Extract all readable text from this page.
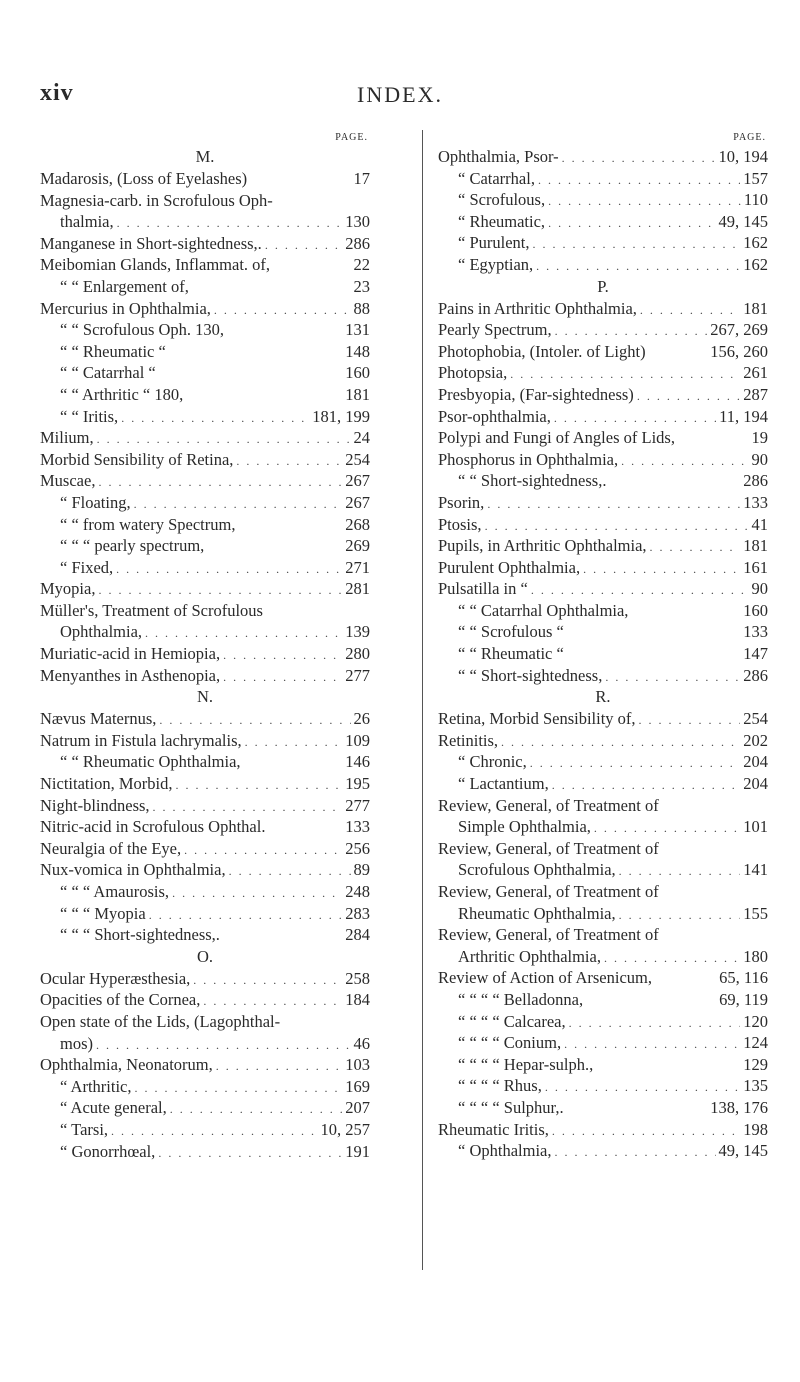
xiv	INDEX.
PAGE.
M.
Madarosis, (Loss of Eyelashes)	17
Magnesia-carb. in Scrofulous Oph-
thalmia, . . .	130
Manganese in Short-sightedness,. . . .	286
Meibomian Glands, Inflammat. of,	22
“ “ Enlargement of,	23
Mercurius in Ophthalmia, . . .	88
“ “ Scrofulous Oph. 130,	131
“ “ Rheumatic “	148
“ “ Catarrhal “	160
“ “ Arthritic “ 180,	181
“ “ Iritis, . . .	181, 199
Milium, . . .	24
Morbid Sensibility of Retina, . . .	254
Muscae, . . .	267
“ Floating, . . .	267
“ “ from watery Spectrum,	268
“ “ “ pearly spectrum,	269
“ Fixed, . . .	271
Myopia, . . .	281
Müller's, Treatment of Scrofulous
Ophthalmia, . . .	139
Muriatic-acid in Hemiopia, . . .	280
Menyanthes in Asthenopia, . . .	277
N.
Nævus Maternus, . . .	26
Natrum in Fistula lachrymalis, . . .	109
“ “ Rheumatic Ophthalmia,	146
Nictitation, Morbid, . . .	195
Night-blindness, . . .	277
Nitric-acid in Scrofulous Ophthal.	133
Neuralgia of the Eye, . . .	256
Nux-vomica in Ophthalmia, . . .	89
“ “ “ Amaurosis, . . .	248
“ “ “ Myopia . . .	283
“ “ “ Short-sightedness,.	284
O.
Ocular Hyperæsthesia, . . .	258
Opacities of the Cornea, . . .	184
Open state of the Lids, (Lagophthal-
mos) . . .	46
Ophthalmia, Neonatorum, . . .	103
“ Arthritic, . . .	169
“ Acute general, . . .	207
“ Tarsi, . . .	10, 257
“ Gonorrhœal, . . .	191
PAGE.
Ophthalmia, Psor- . . .	10, 194
“ Catarrhal, . . .	157
“ Scrofulous, . . .	110
“ Rheumatic, . . .	49, 145
“ Purulent, . . .	162
“ Egyptian, . . .	162
P.
Pains in Arthritic Ophthalmia, . . .	181
Pearly Spectrum, . . .	267, 269
Photophobia, (Intoler. of Light)	156, 260
Photopsia, . . .	261
Presbyopia, (Far-sightedness) . . .	287
Psor-ophthalmia, . . .	11, 194
Polypi and Fungi of Angles of Lids,	19
Phosphorus in Ophthalmia, . . .	90
“ “ Short-sightedness,.	286
Psorin, . . .	133
Ptosis, . . .	41
Pupils, in Arthritic Ophthalmia, . . .	181
Purulent Ophthalmia, . . .	161
Pulsatilla in “ . . .	90
“ “ Catarrhal Ophthalmia,	160
“ “ Scrofulous “	133
“ “ Rheumatic “	147
“ “ Short-sightedness, . . .	286
R.
Retina, Morbid Sensibility of, . . .	254
Retinitis, . . .	202
“ Chronic, . . .	204
“ Lactantium, . . .	204
Review, General, of Treatment of
Simple Ophthalmia, . . .	101
Review, General, of Treatment of
Scrofulous Ophthalmia, . . .	141
Review, General, of Treatment of
Rheumatic Ophthalmia, . . .	155
Review, General, of Treatment of
Arthritic Ophthalmia, . . .	180
Review of Action of Arsenicum,	65, 116
“ “ “ “ Belladonna,	69, 119
“ “ “ “ Calcarea, . . .	120
“ “ “ “ Conium, . . .	124
“ “ “ “ Hepar-sulph.,	129
“ “ “ “ Rhus, . . .	135
“ “ “ “ Sulphur,.	138, 176
Rheumatic Iritis, . . .	198
“ Ophthalmia, . . .	49, 145
